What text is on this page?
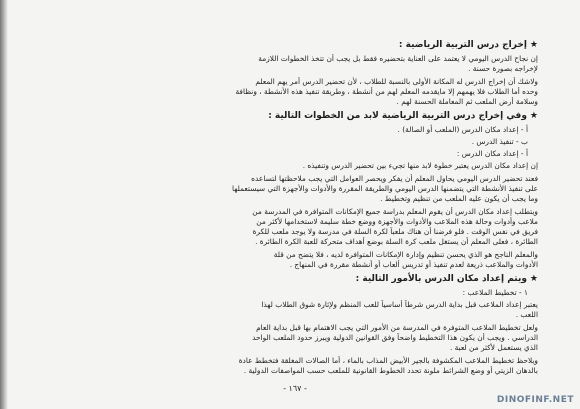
★إخراج درس التربية الرياضية :
إن نجاح الدرس اليومي لا يعتمد على العناية بتحضيره فقط بل يجب أن تتخذ الخطوات اللازمة
لإخراجه بصورة حسنة .
ولاشك أن إخراج الدرس له المكانة الأولى بالنسبة للطلاب ، لأن تحضير الدرس أمر يهم المعلم
وحده أما الطلاب فلا يهمهم إلا مايقدمه المعلم لهم من أنشطة ، وطريقة تنفيذ هذه الأنشطة ، ونظافة
وسلامة أرض الملعب ثم المعاملة الحسنة لهم .
★وفي إخراج درس التربية الرياضية لابد من الخطوات التالية :
أ - إعداد مكان الدرس (الملعب أو الصالة) .
ب - تنفيذ الدرس .
أ - إعداد مكان الدرس :
إن إعداد مكان الدرس يعتبر خطوة لابد منها تجيء بين تحضير الدرس وتنفيذه .
فعند تحضير الدرس اليومي يحاول المعلم أن يفكر ويحصر العوامل التي يجب ملاحظتها لتساعده
على تنفيذ الأنشطة التي يتضمنها الدرس اليومي والطريقة المقررة والأدوات والأجهزة التي سيستعملها
وما يجب أن يكون عليه الملعب من تنظيم وتخطيط .
ويتطلب إعداد مكان الدرس أن يقوم المعلم بدراسة جميع الإمكانات المتوافرة في المدرسة من
ملاعب وأدوات وحالة هذه الملاعب والأدوات والأجهزة ووضع خطة سليمة لاستخدامها لأكثر من
فريق في نفس الوقت . فلو فرضنا أن هناك ملعباً لكرة السلة في مدرسة ولا يوجد ملعب للكرة
الطائرة ، فعلى المعلم أن يستغل ملعب كرة السلة بوضع أهداف متحركة للعبة الكرة الطائرة .
والمعلم الناجح هو الذي يحسن تنظيم وإدارة الإمكانات المتوافرة لديه ، فلا يتضح من قلة
الأدوات والملاعب ذريعة لعدم تنفيذ أو تدريس ألعاب أو أنشطة مقررة في المنهاج .
★ويتم إعداد مكان الدرس بالأمور التالية :
١ - تخطيط الملاعب :
يعتبر إعداد الملاعب قبل بداية الدرس شرطاً أساسياً للعب المنظم ولإثارة شوق الطلاب لهذا
اللعب .
ولعل تخطيط الملاعب المتوفرة في المدرسة من الأمور التي يجب الاهتمام بها قبل بداية العام
الدراسي . ويجب أن يكون هذا التخطيط واضحاً وفق القوانين الدولية ويبرز حدود الملعب الواحد
الذي يستعمل لأكثر من لعبة .
ويلاحظ تخطيط الملاعب المكشوفة بالجير الأبيض المذاب بالماء ، أما الصالات المغلقة فتخطط عادة
بالدهان الزيتي أو وضع الشرائط ملونة تحدد الخطوط القانونية للملعب حسب المواصفات الدولية .
- ١٦٧ -
DINOFINF.NET
